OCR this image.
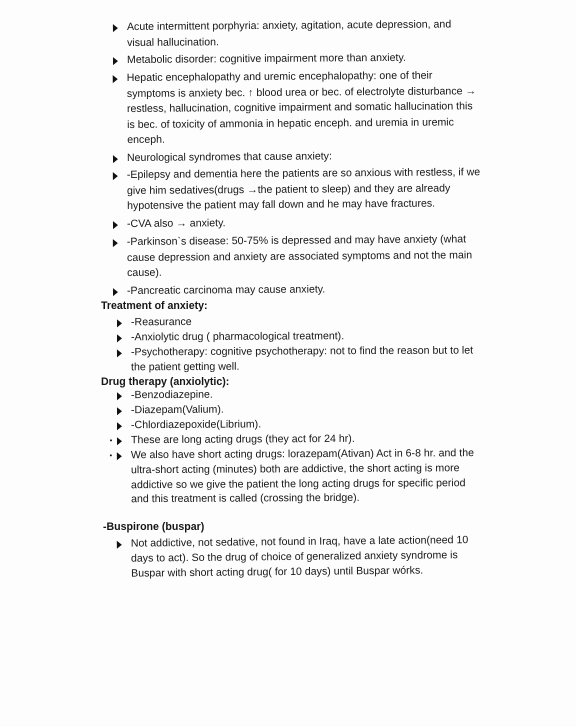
Acute intermittent porphyria: anxiety, agitation, acute depression, and
visual hallucination.
Metabolic disorder: cognitive impairment more than anxiety.
Hepatic encephalopathy and uremic encephalopathy: one of their
symptoms is anxiety bec. ↑ blood urea or bec. of electrolyte disturbance →
restless, hallucination, cognitive impairment and somatic hallucination this
is bec. of toxicity of ammonia in hepatic enceph. and uremia in uremic
enceph.
Neurological syndromes that cause anxiety:
-Epilepsy and dementia here the patients are so anxious with restless, if we
give him sedatives(drugs →the patient to sleep) and they are already
hypotensive the patient may fall down and he may have fractures.
-CVA also → anxiety.
-Parkinson`s disease: 50-75% is depressed and may have anxiety (what
cause depression and anxiety are associated symptoms and not the main
cause).
-Pancreatic carcinoma may cause anxiety.
Treatment of anxiety:
-Reasurance
-Anxiolytic drug ( pharmacological treatment).
-Psychotherapy: cognitive psychotherapy: not to find the reason but to let
the patient getting well.
Drug therapy (anxiolytic):
-Benzodiazepine.
-Diazepam(Valium).
-Chlordiazepoxide(Librium).
These are long acting drugs (they act for 24 hr).
We also have short acting drugs: lorazepam(Ativan) Act in 6-8 hr. and the
ultra-short acting (minutes) both are addictive, the short acting is more
addictive so we give the patient the long acting drugs for specific period
and this treatment is called (crossing the bridge).
-Buspirone (buspar)
Not addictive, not sedative, not found in Iraq, have a late action(need 10
days to act). So the drug of choice of generalized anxiety syndrome is
Buspar with short acting drug( for 10 days) until Buspar wórks.
